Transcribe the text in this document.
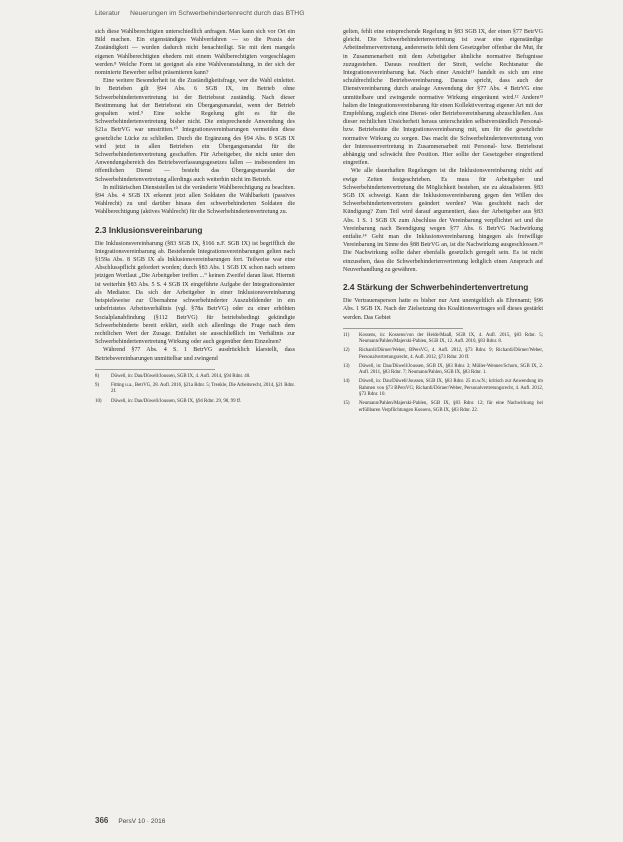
Literatur Neuerungen im Schwerbehindertenrecht durch das BTHG

sich diese Wahlberechtigten unterschiedlich anfragen. Man kann sich vor Ort ein Bild machen. Ein eigenständiges Wahlverfahren — so die Praxis der Zuständigkeit — wurden dadurch nicht benachteiligt. Sie mit dem mangels eigenen Wahlberechtigten ehedem mit einem Wahlberechtigten vorgeschlagen werden.⁸ Welche Form ist geeignet als eine Wahlveranstaltung, in der sich der nominierte Bewerber selbst präsentieren kann?

Eine weitere Besonderheit ist die Zuständigkeitsfrage, wer die Wahl einleitet. In Betrieben gilt §94 Abs. 6 SGB IX, im Betrieb ohne Schwerbehindertenvertretung ist der Betriebsrat zuständig. Nach dieser Bestimmung hat der Betriebsrat ein Übergangsmandat, wenn der Betrieb gespalten wird.⁹ Eine solche Regelung gibt es für die Schwerbehindertenvertretung bisher nicht. Die entsprechende Anwendung des §21a BetrVG war umstritten.¹⁰ Integrationsvereinbarungen vermeiden diese gesetzliche Lücke zu schließen. Durch die Ergänzung des §94 Abs. 8 SGB IX wird jetzt in allen Betrieben ein Übergangsmandat für die Schwerbehindertenvertretung geschaffen. Für Arbeitgeber, die nicht unter den Anwendungsbereich des Betriebsverfassungsgesetzes fallen — insbesondere im öffentlichen Dienst — besteht das Übergangsmandat der Schwerbehindertenvertretung allerdings auch weiterhin nicht im Betrieb.

In militärischen Dienststellen ist die veränderte Wahlberechtigung zu beachten. §94 Abs. 4 SGB IX erkennt jetzt allen Soldaten die Wählbarkeit (passives Wahlrecht) zu und darüber hinaus den schwerbehinderten Soldaten die Wahlberechtigung (aktives Wahlrecht) für die Schwerbehindertenvertretung zu.

2.3 Inklusionsvereinbarung

Die Inklusionsvereinbarung (§83 SGB IX, §166 n.F. SGB IX) ist begrifflich die Integrationsvereinbarung ab. Bestehende Integrationsvereinbarungen gelten nach §159a Abs. 8 SGB IX als Inklusionsvereinbarungen fort. Teilweise war eine Abschlusspflicht gefordert worden; durch §83 Abs. 1 SGB IX schon nach seinem jetzigen Wortlaut „Die Arbeitgeber treffen ...“ keinen Zweifel daran lässt. Hiermit ist weiterhin §83 Abs. 5 S. 4 SGB IX eingeführte Aufgabe der Integrationsämter als Mediator. Da sich der Arbeitgeber in einer Inklusionsvereinbarung beispielsweise zur Übernahme schwerbehinderter Auszubildender in ein unbefristetes Arbeitsverhältnis (vgl. §78a BetrVG) oder zu einer erhöhten Sozialplanabfindung (§112 BetrVG) für betriebsbedingt gekündigte Schwerbehinderte bereit erklärt, stellt sich allerdings die Frage nach dem rechtlichen Wert der Zusage. Entfaltet sie ausschließlich im Verhältnis zur Schwerbehindertenvertretung Wirkung oder auch gegenüber dem Einzelnen?

Während §77 Abs. 4 S. 1 BetrVG ausdrücklich klarstellt, dass Betriebsvereinbarungen unmittelbar und zwingend

8)	Düwell, in: Dau/Düwell/Joussen, SGB IX, 4. Aufl. 2014, §94 Rdnr. 40.
9)	Fitting u.a., BetrVG, 28. Aufl. 2016, §21a Rdnr. 5; Trenkle, Die Arbeitsrecht, 2014, §21 Rdnr. 2f.
10)	Düwell, in: Dau/Düwell/Joussen, SGB IX, §94 Rdnr. 29, 98, 99 ff.

gelten, fehlt eine entsprechende Regelung in §83 SGB IX, der einen §77 BetrVG gleicht. Die Schwerbehindertenvertretung ist zwar eine eigenständige Arbeitnehmervertretung, andererseits fehlt dem Gesetzgeber offenbar die Mut, ihr in Zusammenarbeit mit dem Arbeitgeber ähnliche normative Befugnisse zuzugestehen. Daraus resultiert der Streit, welche Rechtsnatur die Integrationsvereinbarung hat. Nach einer Ansicht¹¹ handelt es sich um eine schuldrechtliche Betriebsvereinbarung. Daraus spricht, dass auch der Dienstvereinbarung durch analoge Anwendung der §77 Abs. 4 BetrVG eine unmittelbare und zwingende normative Wirkung eingeräumt wird.¹² Andere¹³ halten die Integrationsvereinbarung für einen Kollektivvertrag eigener Art mit der Empfehlung, zugleich eine Dienst- oder Betriebsvereinbarung abzuschließen. Aus dieser rechtlichen Unsicherheit heraus unterscheiden selbstverständlich Personal- bzw. Betriebsräte die Integrationsvereinbarung mit, um für die gesetzliche normative Wirkung zu sorgen. Das macht die Schwerbehindertenvertretung von der Interessenvertretung in Zusammenarbeit mit Personal- bzw. Betriebsrat abhängig und schwächt ihre Position. Hier sollte der Gesetzgeber eingreifend eingreifen.

Wie alle dauerhaften Regelungen ist die Inklusionsvereinbarung nicht auf ewige Zeiten festgeschrieben. Es muss für Arbeitgeber und Schwerbehindertenvertretung die Möglichkeit bestehen, sie zu aktualisieren. §83 SGB IX schweigt. Kann die Inklusionsvereinbarung gegen den Willen des Schwerbehindertenvertreters geändert werden? Was geschieht nach der Kündigung? Zum Teil wird darauf argumentiert, dass der Arbeitgeber aus §83 Abs. 1 S. 1 SGB IX zum Abschluss der Vereinbarung verpflichtet sei und die Vereinbarung nach Beendigung wegen §77 Abs. 6 BetrVG Nachwirkung entfalte.¹⁴ Geht man die Inklusionsvereinbarung hingegen als freiwillige Vereinbarung im Sinne des §88 BetrVG an, ist die Nachwirkung ausgeschlossen.¹⁵ Die Nachwirkung sollte daher ebenfalls gesetzlich geregelt sein. Es ist nicht einzusehen, dass die Schwerbehindertenvertretung lediglich einen Anspruch auf Neuverhandlung zu gewähren.

2.4 Stärkung der Schwerbehindertenvertretung

Die Vertrauensperson hatte es bisher nur Amt unentgeltlich als Ehrenamt; §96 Abs. 1 SGB IX. Nach der Zielsetzung des Koalitionsvertrages soll dieses gestärkt werden. Das Gebiet

11)	Kossens, in: Kossens/von der Heide/Maaß, SGB IX, 4. Aufl. 2015, §83 Rdnr. 5; Neumann/Pahlen/Majerski-Pahlen, SGB IX, 12. Aufl. 2010, §83 Rdnr. 8.
12)	Richardi/Dörner/Weber, BPersVG, 4. Aufl. 2012, §73 Rdnr. 9; Richardi/Dörner/Weber, Personalvertretungsrecht, 4. Aufl. 2012, §73 Rdnr. 20 ff.
13)	Düwell, in: Dau/Düwell/Joussen, SGB IX, §83 Rdnr. 3; Müller-Wenner/Schorn, SGB IX, 2. Aufl. 2011, §83 Rdnr. 7; Neumann/Pahlen, SGB IX, §83 Rdnr. 1.
14)	Düwell, in: Dau/Düwell/Joussen, SGB IX, §83 Rdnr. 25 m.w.N.; kritisch zur Anwendung im Rahmen von §73 BPersVG; Richardi/Dörner/Weber, Personalvertretungsrecht, 4. Aufl. 2012, §73 Rdnr. 10.
15)	Neumann/Pahlen/Majerski-Pahlen, SGB IX, §83 Rdnr. 12; für eine Nachwirkung bei erfüllbaren Verpflichtungen Kossens, SGB IX, §83 Rdnr. 22.
366 PersV 10 · 2016
